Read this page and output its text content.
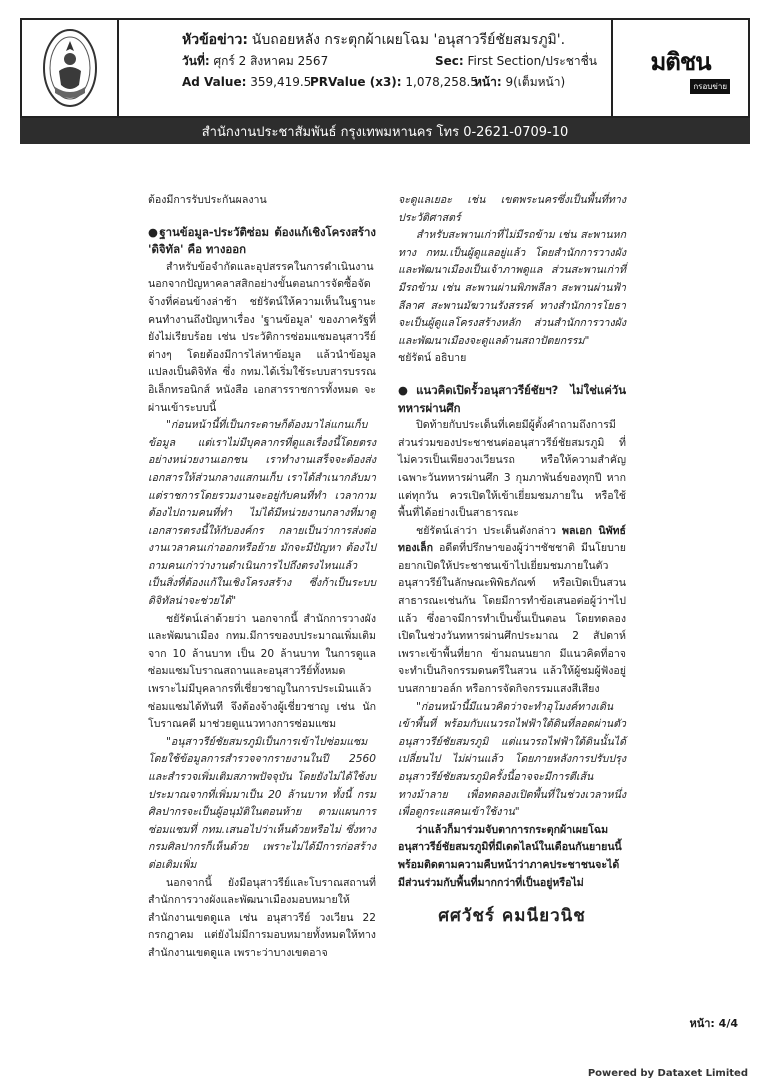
หัวข้อข่าว: นับถอยหลัง กระตุกผ้าเผยโฉม 'อนุสาวรีย์ชัยสมรภูมิ'.
วันที่: ศุกร์ 2 สิงหาคม 2567	Sec: First Section/ประชาชื่น
Ad Value: 359,419.5
PRValue (x3): 1,078,258.5
หน้า: 9(เต็มหน้า)
มติชน
กรอบข่าย
สำนักงานประชาสัมพันธ์ กรุงเทพมหานคร โทร 0-2621-0709-10

ต้องมีการรับประกันผลงาน

●ฐานข้อมูล-ประวัติซ่อม ต้องแก้เชิงโครงสร้าง 'ดิจิทัล' คือ ทางออก

สำหรับข้อจำกัดและอุปสรรคในการดำเนินงานนอกจากปัญหาคลาสสิกอย่างขั้นตอนการจัดซื้อจัดจ้างที่ค่อนข้างล่าช้า ชยัรัตน์ให้ความเห็นในฐานะคนทำงานถึงปัญหาเรื่อง 'ฐานข้อมูล' ของภาครัฐที่ยังไม่เรียบร้อย เช่น ประวัติการซ่อมแซมอนุสาวรีย์ต่างๆ โดยต้องมีการไล่หาข้อมูล แล้วนำข้อมูลแปลงเป็นดิจิทัล ซึ่ง กทม.ได้เริ่มใช้ระบบสารบรรณอิเล็กทรอนิกส์ หนังสือ เอกสารราชการทั้งหมด จะผ่านเข้าระบบนี้

"ก่อนหน้านี้ที่เป็นกระดาษก็ต้องมาไล่แกนเก็บข้อมูล แต่เราไม่มีบุคลากรที่ดูแลเรื่องนี้โดยตรง อย่างหน่วยงานเอกชน เราทำงานเสร็จจะต้องส่งเอกสารให้ส่วนกลางแสกนเก็บ เราได้สำเนากลับมา แต่ราชการโดยรวมงานจะอยู่กับคนที่ทำ เวลากามต้องไปถามคนที่ทำ ไม่ได้มีหน่วยงานกลางที่มาดูเอกสารตรงนี้ให้กับองค์กร กลายเป็นว่าการส่งต่องานเวลาคนเก่าออกหรือย้าย มักจะมีปัญหา ต้องไปถามคนเก่าว่างานดำเนินการไปถึงตรงไหนแล้ว เป็นสิ่งที่ต้องแก้ในเชิงโครงสร้าง ซึ่งก้าเป็นระบบดิจิทัลน่าจะช่วยได้"

ชยัรัตน์เล่าด้วยว่า นอกจากนี้ สำนักการวางผังและพัฒนาเมือง กทม.มีการของบประมาณเพิ่มเติมจาก 10 ล้านบาท เป็น 20 ล้านบาท ในการดูแลซ่อมแซมโบราณสถานและอนุสาวรีย์ทั้งหมด เพราะไม่มีบุคลากรที่เชี่ยวชาญในการประเมินแล้วซ่อมแซมได้ทันที จึงต้องจ้างผู้เชี่ยวชาญ เช่น นักโบราณคดี มาช่วยดูแนวทางการซ่อมแซม

"อนุสาวรีย์ชัยสมรภูมิเป็นการเข้าไปซ่อมแซมโดยใช้ข้อมูลการสำรวจจากรายงานในปี 2560 และสำรวจเพิ่มเติมสภาพปัจจุบัน โดยยังไม่ได้ใช้งบประมาณจากที่เพิ่มมาเป็น 20 ล้านบาท ทั้งนี้ กรมศิลปากรจะเป็นผู้อนุมัติในตอนท้าย ตามแผนการซ่อมแซมที่ กทม.เสนอไปว่าเห็นด้วยหรือไม่ ซึ่งทางกรมศิลปากรก็เห็นด้วย เพราะไม่ได้มีการก่อสร้างต่อเติมเพิ่ม

นอกจากนี้ ยังมีอนุสาวรีย์และโบราณสถานที่สำนักการวางผังและพัฒนาเมืองมอบหมายให้สำนักงานเขตดูแล เช่น อนุสาวรีย์ วงเวียน 22 กรกฎาคม แต่ยังไม่มีการมอบหมายทั้งหมดให้ทางสำนักงานเขตดูแล เพราะว่าบางเขตอาจ

จะดูแลเยอะ เช่น เขตพระนครซึ่งเป็นพื้นที่ทางประวัติศาสตร์

สำหรับสะพานเก่าที่ไม่มีรถข้าม เช่น สะพานหกทาง กทม.เป็นผู้ดูแลอยู่แล้ว โดยสำนักการวางผังและพัฒนาเมืองเป็นเจ้าภาพดูแล ส่วนสะพานเก่าที่มีรถข้าม เช่น สะพานผ่านพิภพลีลา สะพานผ่านฟ้าลีลาศ สะพานมัฆวานรังสรรค์ ทางสำนักการโยธาจะเป็นผู้ดูแลโครงสร้างหลัก ส่วนสำนักการวางผังและพัฒนาเมืองจะดูแลด้านสถาปัตยกรรม"

ชยัรัตน์ อธิบาย

●แนวคิดเปิดรั้วอนุสาวรีย์ชัยฯ? ไม่ใช่แค่วันทหารผ่านศึก

ปิดท้ายกับประเด็นที่เคยมีผู้ตั้งคำถามถึงการมีส่วนร่วมของประชาชนต่ออนุสาวรีย์ชัยสมรภูมิ ที่ไม่ควรเป็นเพียงวงเวียนรถ หรือให้ความสำคัญเฉพาะวันทหารผ่านศึก 3 กุมภาพันธ์ของทุกปี หากแต่ทุกวัน ควรเปิดให้เข้าเยี่ยมชมภายใน หรือใช้พื้นที่ได้อย่างเป็นสาธารณะ

ชยัรัตน์เล่าว่า ประเด็นดังกล่าว พลเอก นิพัทธ์ ทองเล็ก อดีตที่ปรึกษาของผู้ว่าฯชัชชาติ มีนโยบายอยากเปิดให้ประชาชนเข้าไปเยี่ยมชมภายในตัวอนุสาวรีย์ในลักษณะพิพิธภัณฑ์ หรือเปิดเป็นสวนสาธารณะเช่นกัน โดยมีการทำข้อเสนอต่อผู้ว่าฯไปแล้ว ซึ่งอาจมีการทำเป็นขั้นเป็นตอน โดยทดลองเปิดในช่วงวันทหารผ่านศึกประมาณ 2 สัปดาห์ เพราะเข้าพื้นที่ยาก ข้ามถนนยาก มีแนวคิดที่อาจจะทำเป็นกิจกรรมดนตรีในสวน แล้วให้ผู้ชมผู้ฟังอยู่บนสกายวอล์ก หรือการจัดกิจกรรมแสงสีเสียง

"ก่อนหน้านี้มีแนวคิดว่าจะทำอุโมงค์ทางเดินเข้าพื้นที่ พร้อมกับแนวรถไฟฟ้าใต้ดินที่ลอดผ่านตัวอนุสาวรีย์ชัยสมรภูมิ แต่แนวรถไฟฟ้าใต้ดินนั้นได้เปลี่ยนไป ไม่ผ่านแล้ว โดยภายหลังการปรับปรุงอนุสาวรีย์ชัยสมรภูมิครั้งนี้อาจจะมีการตีเส้นทางม้าลาย เพื่อทดลองเปิดพื้นที่ในช่วงเวลาหนึ่งเพื่อดูกระแสคนเข้าใช้งาน"

ว่าแล้วก็มาร่วมจับตาการกระตุกผ้าเผยโฉมอนุสาวรีย์ชัยสมรภูมิที่มีเดดไลน์ในเดือนกันยายนนี้ พร้อมติดตามความคืบหน้าว่าภาคประชาชนจะได้มีส่วนร่วมกับพื้นที่มากกว่าที่เป็นอยู่หรือไม่

ศศวัชร์ คมนียวนิช

หน้า: 4/4
Powered by Dataxet Limited
